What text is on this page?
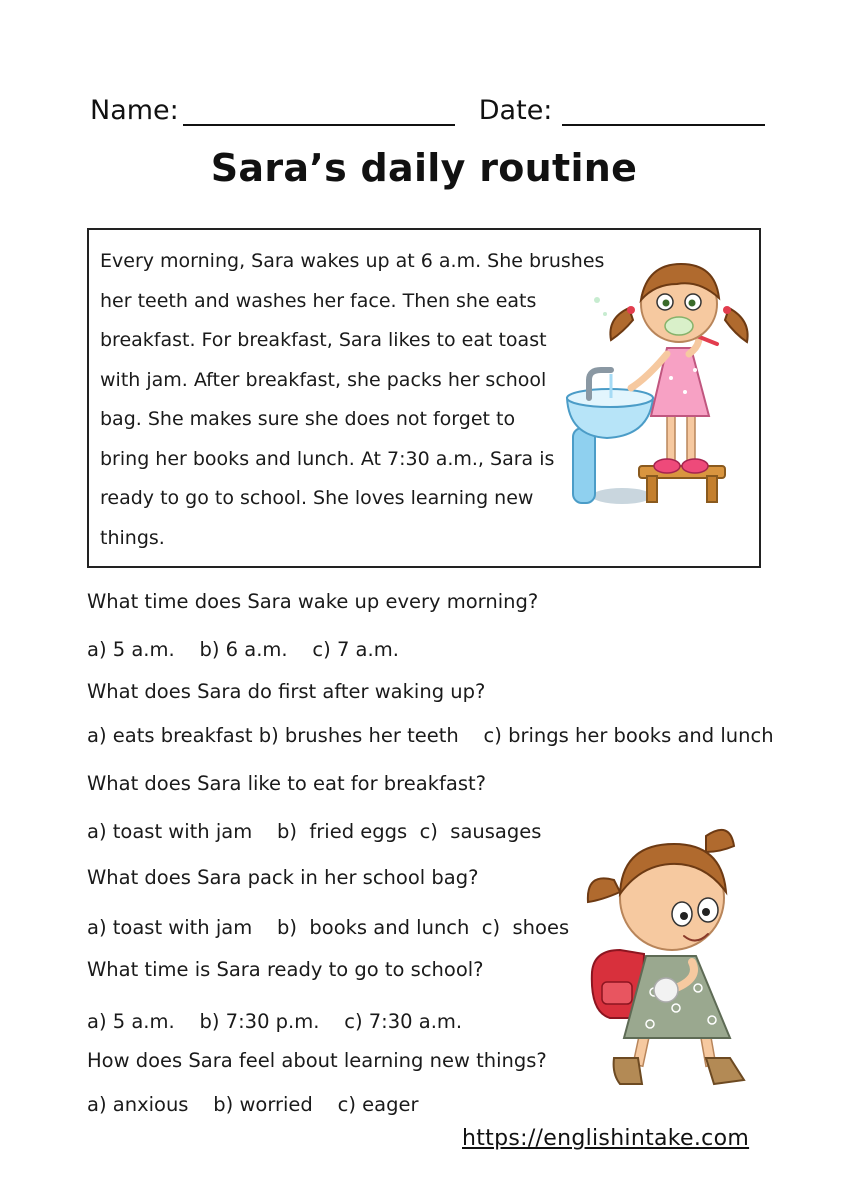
Name:	Date:
Sara’s daily routine
Every morning, Sara wakes up at 6 a.m. She brushes
her teeth and washes her face. Then she eats
breakfast. For breakfast, Sara likes to eat toast
with jam. After breakfast, she packs her school
bag. She makes sure she does not forget to
bring her books and lunch. At 7:30 a.m., Sara is
ready to go to school. She loves learning new
things.
What time does Sara wake up every morning?
a) 5 a.m.    b) 6 a.m.    c) 7 a.m.
What does Sara do first after waking up?
a) eats breakfast b) brushes her teeth    c) brings her books and lunch
What does Sara like to eat for breakfast?
a) toast with jam    b)  fried eggs  c)  sausages
What does Sara pack in her school bag?
a) toast with jam    b)  books and lunch  c)  shoes
What time is Sara ready to go to school?
a) 5 a.m.    b) 7:30 p.m.    c) 7:30 a.m.
How does Sara feel about learning new things?
a) anxious    b) worried    c) eager
https://englishintake.com
